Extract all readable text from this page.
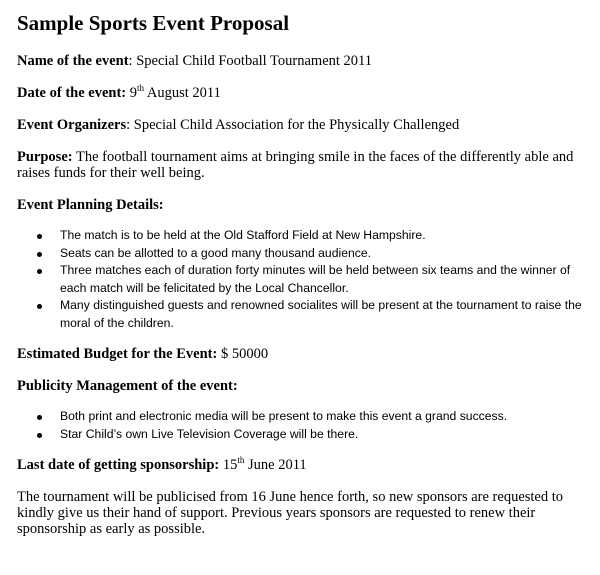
Sample Sports Event Proposal

Name of the event: Special Child Football Tournament 2011

Date of the event: 9th August 2011

Event Organizers: Special Child Association for the Physically Challenged

Purpose: The football tournament aims at bringing smile in the faces of the differently able and raises funds for their well being.

Event Planning Details:
The match is to be held at the Old Stafford Field at New Hampshire.
Seats can be allotted to a good many thousand audience.
Three matches each of duration forty minutes will be held between six teams and the winner of each match will be felicitated by the Local Chancellor.
Many distinguished guests and renowned socialites will be present at the tournament to raise the moral of the children.

Estimated Budget for the Event: $ 50000

Publicity Management of the event:
Both print and electronic media will be present to make this event a grand success.
Star Child’s own Live Television Coverage will be there.

Last date of getting sponsorship: 15th June 2011

The tournament will be publicised from 16 June hence forth, so new sponsors are requested to kindly give us their hand of support. Previous years sponsors are requested to renew their sponsorship as early as possible.
